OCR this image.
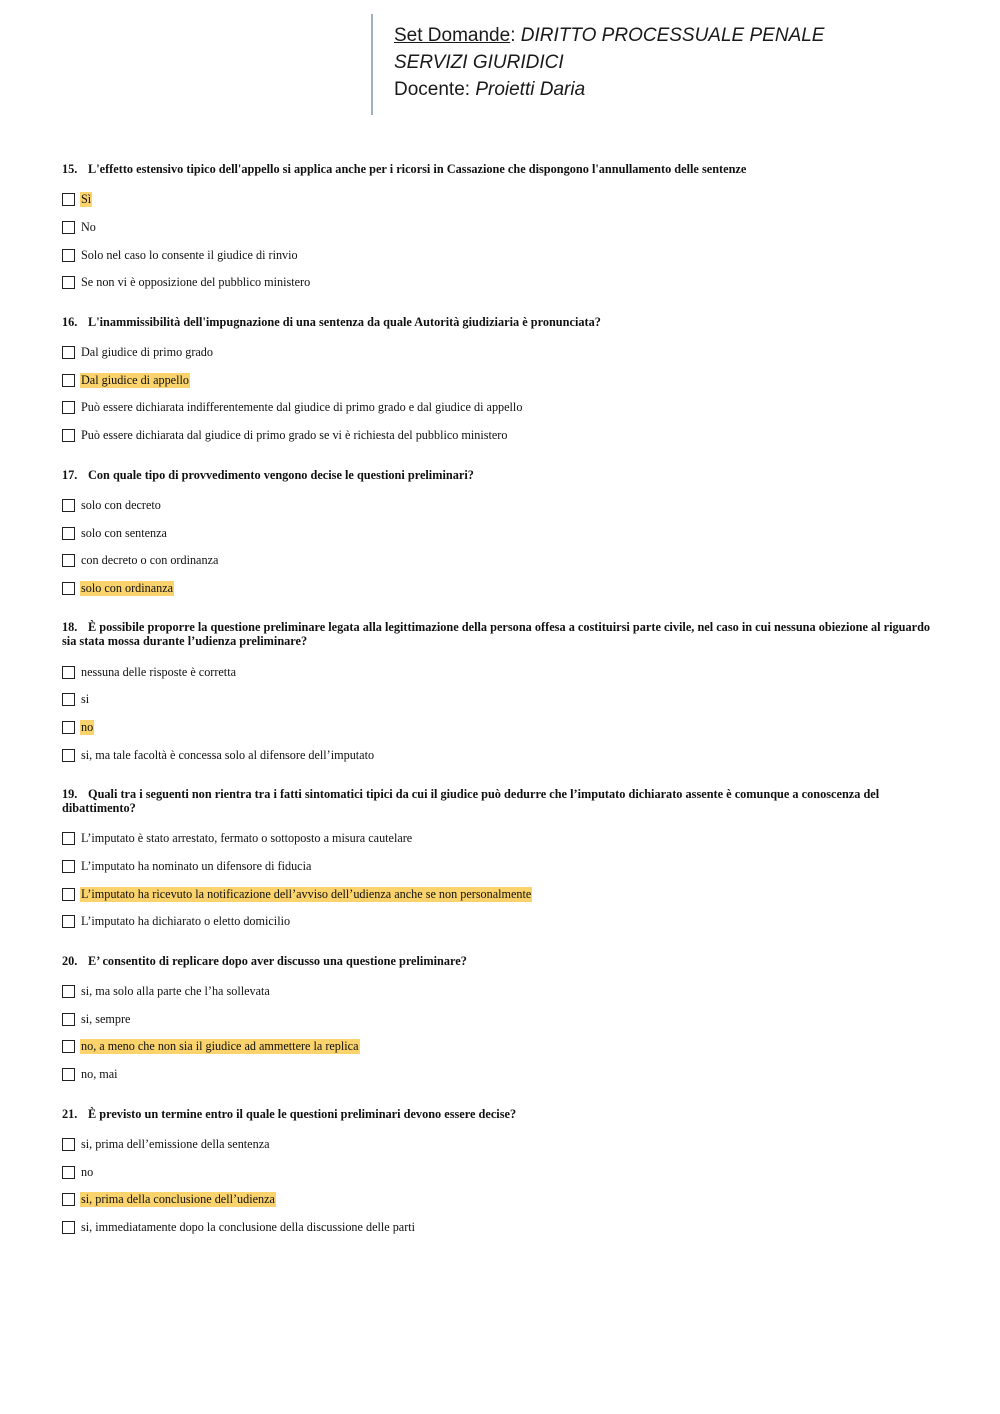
Set Domande: DIRITTO PROCESSUALE PENALE
SERVIZI GIURIDICI
Docente: Proietti Daria
15. L'effetto estensivo tipico dell'appello si applica anche per i ricorsi in Cassazione che dispongono l'annullamento delle sentenze
Sì
No
Solo nel caso lo consente il giudice di rinvio
Se non vi è opposizione del pubblico ministero
16. L'inammissibilità dell'impugnazione di una sentenza da quale Autorità giudiziaria è pronunciata?
Dal giudice di primo grado
Dal giudice di appello
Può essere dichiarata indifferentemente dal giudice di primo grado e dal giudice di appello
Può essere dichiarata dal giudice di primo grado se vi è richiesta del pubblico ministero
17. Con quale tipo di provvedimento vengono decise le questioni preliminari?
solo con decreto
solo con sentenza
con decreto o con ordinanza
solo con ordinanza
18. È possibile proporre la questione preliminare legata alla legittimazione della persona offesa a costituirsi parte civile, nel caso in cui nessuna obiezione al riguardo sia stata mossa durante l’udienza preliminare?
nessuna delle risposte è corretta
si
no
si, ma tale facoltà è concessa solo al difensore dell’imputato
19. Quali tra i seguenti non rientra tra i fatti sintomatici tipici da cui il giudice può dedurre che l’imputato dichiarato assente è comunque a conoscenza del dibattimento?
L’imputato è stato arrestato, fermato o sottoposto a misura cautelare
L’imputato ha nominato un difensore di fiducia
L’imputato ha ricevuto la notificazione dell’avviso dell’udienza anche se non personalmente
L’imputato ha dichiarato o eletto domicilio
20. E’ consentito di replicare dopo aver discusso una questione preliminare?
si, ma solo alla parte che l’ha sollevata
si, sempre
no, a meno che non sia il giudice ad ammettere la replica
no, mai
21. È previsto un termine entro il quale le questioni preliminari devono essere decise?
si, prima dell’emissione della sentenza
no
si, prima della conclusione dell’udienza
si, immediatamente dopo la conclusione della discussione delle parti
